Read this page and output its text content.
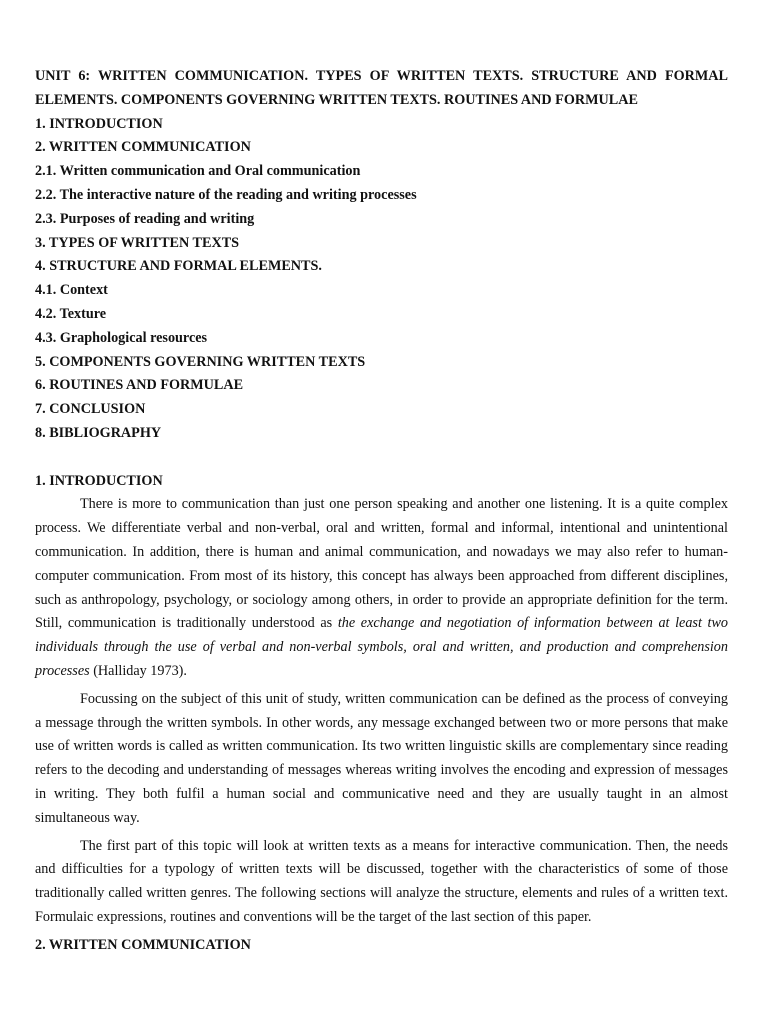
UNIT 6: WRITTEN COMMUNICATION. TYPES OF WRITTEN TEXTS. STRUCTURE AND FORMAL ELEMENTS. COMPONENTS GOVERNING WRITTEN TEXTS. ROUTINES AND FORMULAE

1. INTRODUCTION
2. WRITTEN COMMUNICATION
2.1. Written communication and Oral communication
2.2. The interactive nature of the reading and writing processes
2.3. Purposes of reading and writing
3. TYPES OF WRITTEN TEXTS
4. STRUCTURE AND FORMAL ELEMENTS.
4.1. Context
4.2. Texture
4.3. Graphological resources
5. COMPONENTS GOVERNING WRITTEN TEXTS
6. ROUTINES AND FORMULAE
7. CONCLUSION
8. BIBLIOGRAPHY

1. INTRODUCTION

There is more to communication than just one person speaking and another one listening. It is a quite complex process. We differentiate verbal and non-verbal, oral and written, formal and informal, intentional and unintentional communication. In addition, there is human and animal communication, and nowadays we may also refer to human-computer communication. From most of its history, this concept has always been approached from different disciplines, such as anthropology, psychology, or sociology among others, in order to provide an appropriate definition for the term. Still, communication is traditionally understood as the exchange and negotiation of information between at least two individuals through the use of verbal and non-verbal symbols, oral and written, and production and comprehension processes (Halliday 1973).

Focussing on the subject of this unit of study, written communication can be defined as the process of conveying a message through the written symbols. In other words, any message exchanged between two or more persons that make use of written words is called as written communication. Its two written linguistic skills are complementary since reading refers to the decoding and understanding of messages whereas writing involves the encoding and expression of messages in writing. They both fulfil a human social and communicative need and they are usually taught in an almost simultaneous way.

The first part of this topic will look at written texts as a means for interactive communication. Then, the needs and difficulties for a typology of written texts will be discussed, together with the characteristics of some of those traditionally called written genres. The following sections will analyze the structure, elements and rules of a written text. Formulaic expressions, routines and conventions will be the target of the last section of this paper.

2. WRITTEN COMMUNICATION
